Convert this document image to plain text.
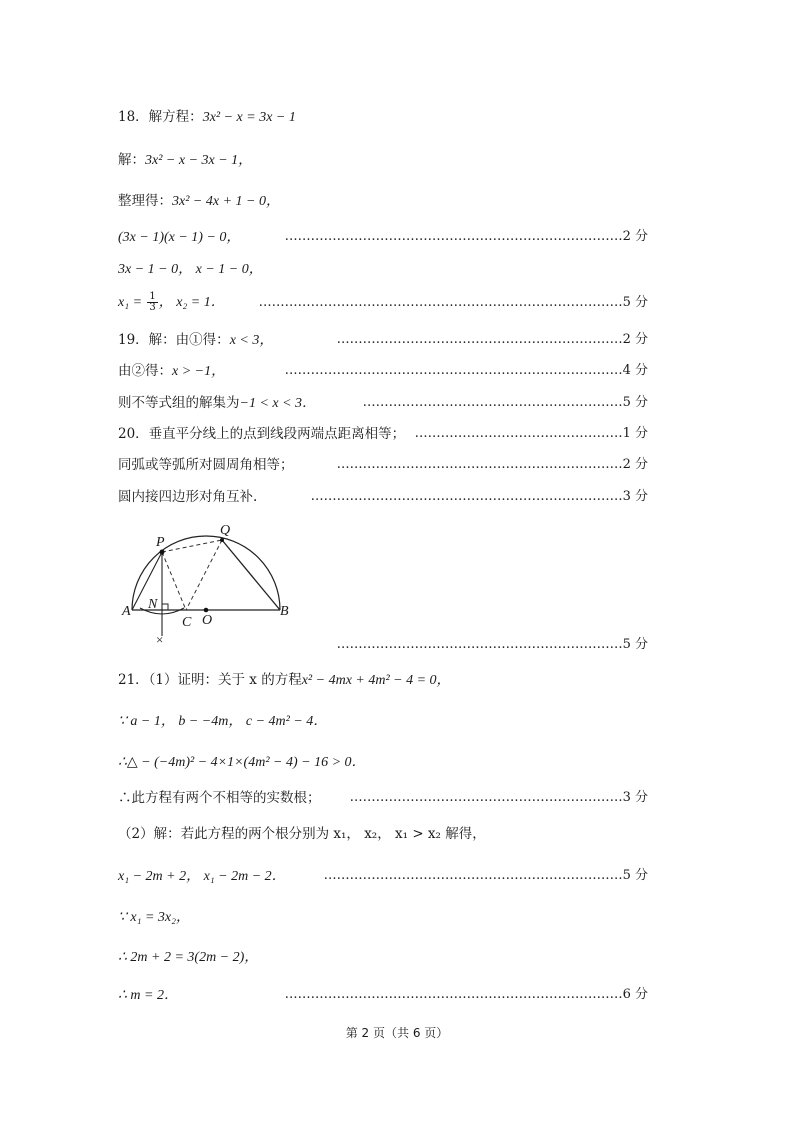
18．解方程：3x² − x = 3x − 1
解：3x² − x − 3x − 1，
整理得：3x² − 4x + 1 − 0，
(3x − 1)(x − 1) − 0，	……………………………………………………………………2 分
3x − 1 − 0， x − 1 − 0，
$x_1 = \frac{1}{3}$ ， x₂ = 1．	…………………………………………………………………………5 分
19．解：由①得：x < 3，	…………………………………………………………2 分
由②得：x > −1，	……………………………………………………………………4 分
则不等式组的解集为−1 < x < 3．	……………………………………………………5 分
20．垂直平分线上的点到线段两端点距离相等； …………………………………………1 分
同弧或等弧所对圆周角相等；	…………………………………………………………2 分
圆内接四边形对角互补.	………………………………………………………………3 分
×
P
Q
A N
C O
B
…………………………………………………………5 分
21．（1）证明：关于 x 的方程x² − 4mx + 4m² − 4 = 0，
∵ a − 1， b − −4m， c − 4m² − 4．
∴△ − (−4m)² − 4×1×(4m² − 4) − 16 > 0．
∴此方程有两个不相等的实数根； ………………………………………………………3 分
（2）解：若此方程的两个根分别为 x₁， x₂， x₁ > x₂ 解得，
x₁ − 2m + 2， x₁ − 2m − 2．	……………………………………………………………5 分
∵ x₁ = 3x₂，
∴ 2m + 2 = 3(2m − 2)，
∴ m = 2．	……………………………………………………………………6 分
第 2 页（共 6 页）
